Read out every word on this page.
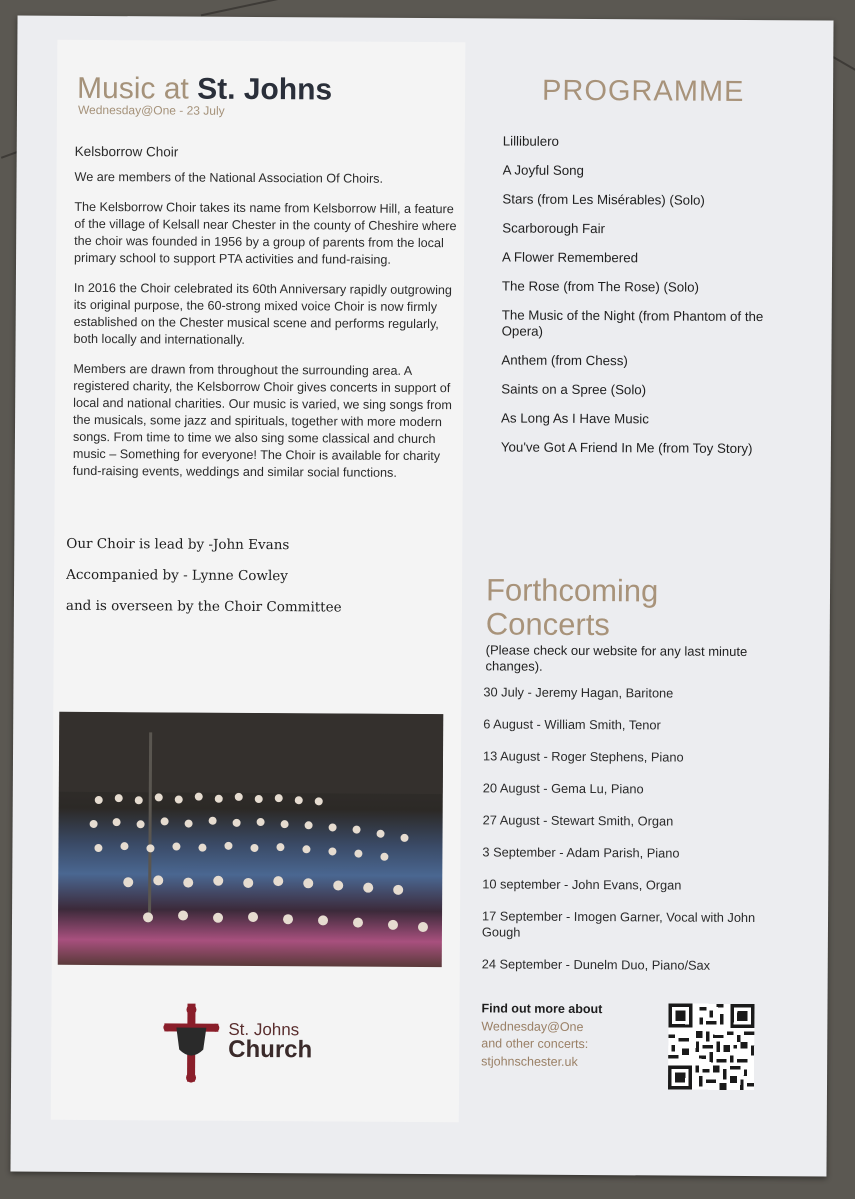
Music at St. Johns
Wednesday@One - 23 July
Kelsborrow Choir

We are members of the National Association Of Choirs.

The Kelsborrow Choir takes its name from Kelsborrow Hill, a feature of the village of Kelsall near Chester in the county of Cheshire where the choir was founded in 1956 by a group of parents from the local primary school to support PTA activities and fund-raising.

In 2016 the Choir celebrated its 60th Anniversary rapidly outgrowing its original purpose, the 60-strong mixed voice Choir is now firmly established on the Chester musical scene and performs regularly, both locally and internationally.

Members are drawn from throughout the surrounding area. A registered charity, the Kelsborrow Choir gives concerts in support of local and national charities. Our music is varied, we sing songs from the musicals, some jazz and spirituals, together with more modern songs. From time to time we also sing some classical and church music – Something for everyone! The Choir is available for charity fund-raising events, weddings and similar social functions.

Our Choir is lead by -John Evans
Accompanied by - Lynne Cowley
and is overseen by the Choir Committee
St. Johns
Church
PROGRAMME
Lillibulero
A Joyful Song
Stars (from Les Misérables) (Solo)
Scarborough Fair
A Flower Remembered
The Rose (from The Rose) (Solo)
The Music of the Night (from Phantom of the Opera)
Anthem (from Chess)
Saints on a Spree (Solo)
As Long As I Have Music
You've Got A Friend In Me (from Toy Story)
Forthcoming Concerts
(Please check our website for any last minute changes).
30 July - Jeremy Hagan, Baritone
6 August - William Smith, Tenor
13 August - Roger Stephens, Piano
20 August - Gema Lu, Piano
27 August - Stewart Smith, Organ
3 September - Adam Parish, Piano
10 september - John Evans, Organ
17 September - Imogen Garner, Vocal with John Gough
24 September - Dunelm Duo, Piano/Sax
Find out more about
Wednesday@One
and other concerts:
stjohnschester.uk
